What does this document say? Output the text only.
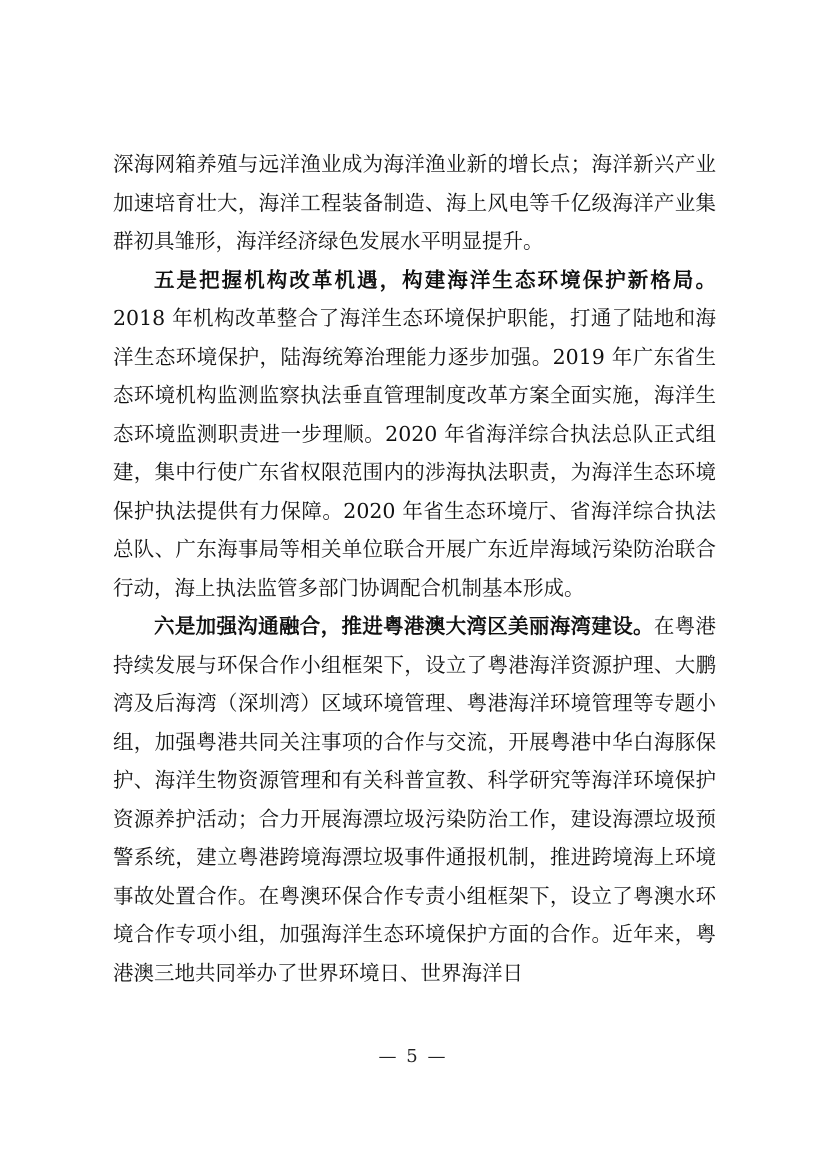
深海网箱养殖与远洋渔业成为海洋渔业新的增长点；海洋新兴产业加速培育壮大，海洋工程装备制造、海上风电等千亿级海洋产业集群初具雏形，海洋经济绿色发展水平明显提升。

五是把握机构改革机遇，构建海洋生态环境保护新格局。2018 年机构改革整合了海洋生态环境保护职能，打通了陆地和海洋生态环境保护，陆海统筹治理能力逐步加强。2019 年广东省生态环境机构监测监察执法垂直管理制度改革方案全面实施，海洋生态环境监测职责进一步理顺。2020 年省海洋综合执法总队正式组建，集中行使广东省权限范围内的涉海执法职责，为海洋生态环境保护执法提供有力保障。2020 年省生态环境厅、省海洋综合执法总队、广东海事局等相关单位联合开展广东近岸海域污染防治联合行动，海上执法监管多部门协调配合机制基本形成。

六是加强沟通融合，推进粤港澳大湾区美丽海湾建设。在粤港持续发展与环保合作小组框架下，设立了粤港海洋资源护理、大鹏湾及后海湾（深圳湾）区域环境管理、粤港海洋环境管理等专题小组，加强粤港共同关注事项的合作与交流，开展粤港中华白海豚保护、海洋生物资源管理和有关科普宣教、科学研究等海洋环境保护资源养护活动；合力开展海漂垃圾污染防治工作，建设海漂垃圾预警系统，建立粤港跨境海漂垃圾事件通报机制，推进跨境海上环境事故处置合作。在粤澳环保合作专责小组框架下，设立了粤澳水环境合作专项小组，加强海洋生态环境保护方面的合作。近年来，粤港澳三地共同举办了世界环境日、世界海洋日

— 5 —
